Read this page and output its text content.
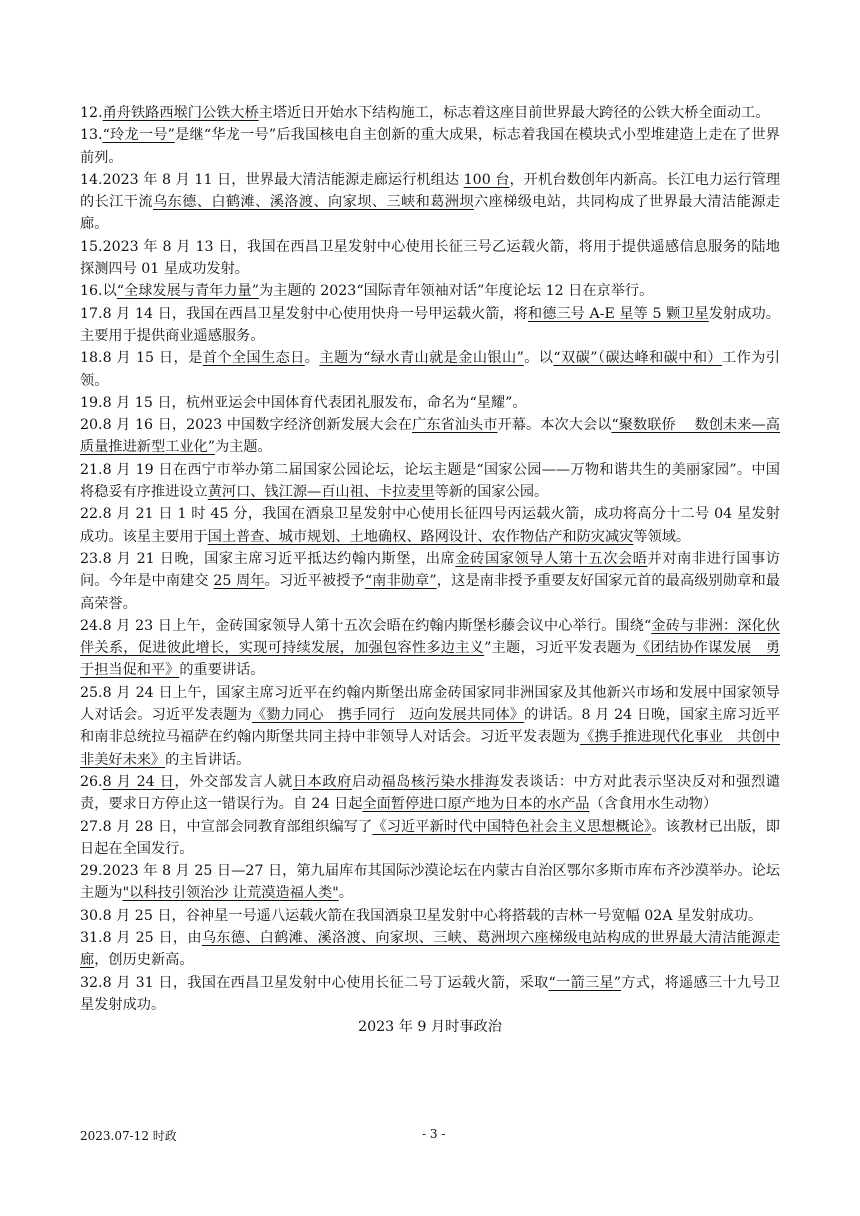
12.甬舟铁路西堠门公铁大桥主塔近日开始水下结构施工，标志着这座目前世界最大跨径的公铁大桥全面动工。

13.“玲龙一号”是继“华龙一号”后我国核电自主创新的重大成果，标志着我国在模块式小型堆建造上走在了世界前列。

14.2023 年 8 月 11 日，世界最大清洁能源走廊运行机组达 100 台，开机台数创年内新高。长江电力运行管理的长江干流乌东德、白鹤滩、溪洛渡、向家坝、三峡和葛洲坝六座梯级电站，共同构成了世界最大清洁能源走廊。

15.2023 年 8 月 13 日，我国在西昌卫星发射中心使用长征三号乙运载火箭，将用于提供遥感信息服务的陆地探测四号 01 星成功发射。

16.以“全球发展与青年力量”为主题的 2023“国际青年领袖对话”年度论坛 12 日在京举行。

17.8 月 14 日，我国在西昌卫星发射中心使用快舟一号甲运载火箭，将和德三号 A-E 星等 5 颗卫星发射成功。主要用于提供商业遥感服务。

18.8 月 15 日，是首个全国生态日。主题为“绿水青山就是金山银山”。以“双碳”（碳达峰和碳中和）工作为引领。

19.8 月 15 日，杭州亚运会中国体育代表团礼服发布，命名为“星耀”。

20.8 月 16 日，2023 中国数字经济创新发展大会在广东省汕头市开幕。本次大会以“聚数联侨　 数创未来—高质量推进新型工业化”为主题。

21.8 月 19 日在西宁市举办第二届国家公园论坛，论坛主题是“国家公园——万物和谐共生的美丽家园”。中国将稳妥有序推进设立黄河口、钱江源—百山祖、卡拉麦里等新的国家公园。

22.8 月 21 日 1 时 45 分，我国在酒泉卫星发射中心使用长征四号丙运载火箭，成功将高分十二号 04 星发射成功。该星主要用于国土普查、城市规划、土地确权、路网设计、农作物估产和防灾减灾等领域。

23.8 月 21 日晚，国家主席习近平抵达约翰内斯堡，出席金砖国家领导人第十五次会晤并对南非进行国事访问。今年是中南建交 25 周年。习近平被授予“南非勋章”，这是南非授予重要友好国家元首的最高级别勋章和最高荣誉。

24.8 月 23 日上午，金砖国家领导人第十五次会晤在约翰内斯堡杉藤会议中心举行。围绕“金砖与非洲：深化伙伴关系，促进彼此增长，实现可持续发展，加强包容性多边主义”主题，习近平发表题为《团结协作谋发展　勇于担当促和平》的重要讲话。

25.8 月 24 日上午，国家主席习近平在约翰内斯堡出席金砖国家同非洲国家及其他新兴市场和发展中国家领导人对话会。习近平发表题为《勠力同心　携手同行　迈向发展共同体》的讲话。8 月 24 日晚，国家主席习近平和南非总统拉马福萨在约翰内斯堡共同主持中非领导人对话会。习近平发表题为《携手推进现代化事业　共创中非美好未来》的主旨讲话。

26.8 月 24 日，外交部发言人就日本政府启动福岛核污染水排海发表谈话：中方对此表示坚决反对和强烈谴责，要求日方停止这一错误行为。自 24 日起全面暂停进口原产地为日本的水产品（含食用水生动物）

27.8 月 28 日，中宣部会同教育部组织编写了《习近平新时代中国特色社会主义思想概论》。该教材已出版，即日起在全国发行。

29.2023 年 8 月 25 日—27 日，第九届库布其国际沙漠论坛在内蒙古自治区鄂尔多斯市库布齐沙漠举办。论坛主题为"以科技引领治沙 让荒漠造福人类"。

30.8 月 25 日，谷神星一号遥八运载火箭在我国酒泉卫星发射中心将搭载的吉林一号宽幅 02A 星发射成功。

31.8 月 25 日，由乌东德、白鹤滩、溪洛渡、向家坝、三峡、葛洲坝六座梯级电站构成的世界最大清洁能源走廊，创历史新高。

32.8 月 31 日，我国在西昌卫星发射中心使用长征二号丁运载火箭，采取“一箭三星”方式，将遥感三十九号卫星发射成功。

2023 年 9 月时事政治

2023.07-12 时政	- 3 -
